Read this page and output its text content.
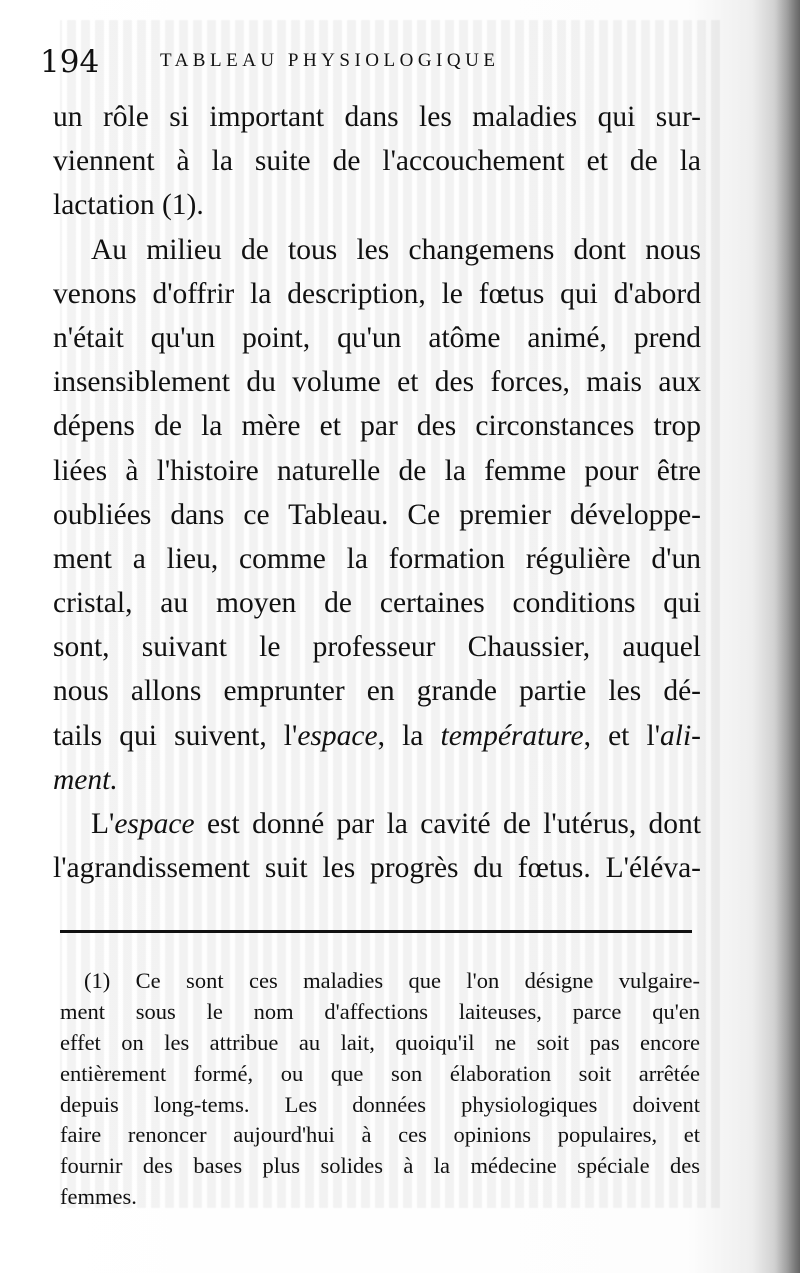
194	TABLEAU PHYSIOLOGIQUE
un rôle si important dans les maladies qui sur-
viennent à la suite de l'accouchement et de la
lactation (1).
Au milieu de tous les changemens dont nous
venons d'offrir la description, le fœtus qui d'abord
n'était qu'un point, qu'un atôme animé, prend
insensiblement du volume et des forces, mais aux
dépens de la mère et par des circonstances trop
liées à l'histoire naturelle de la femme pour être
oubliées dans ce Tableau. Ce premier développe-
ment a lieu, comme la formation régulière d'un
cristal, au moyen de certaines conditions qui
sont, suivant le professeur Chaussier, auquel
nous allons emprunter en grande partie les dé-
tails qui suivent, l'espace, la température, et l'ali-
ment.
L'espace est donné par la cavité de l'utérus, dont
l'agrandissement suit les progrès du fœtus. L'éléva-
(1) Ce sont ces maladies que l'on désigne vulgaire-
ment sous le nom d'affections laiteuses, parce qu'en
effet on les attribue au lait, quoiqu'il ne soit pas encore
entièrement formé, ou que son élaboration soit arrêtée
depuis long-tems. Les données physiologiques doivent
faire renoncer aujourd'hui à ces opinions populaires, et
fournir des bases plus solides à la médecine spéciale des
femmes.
